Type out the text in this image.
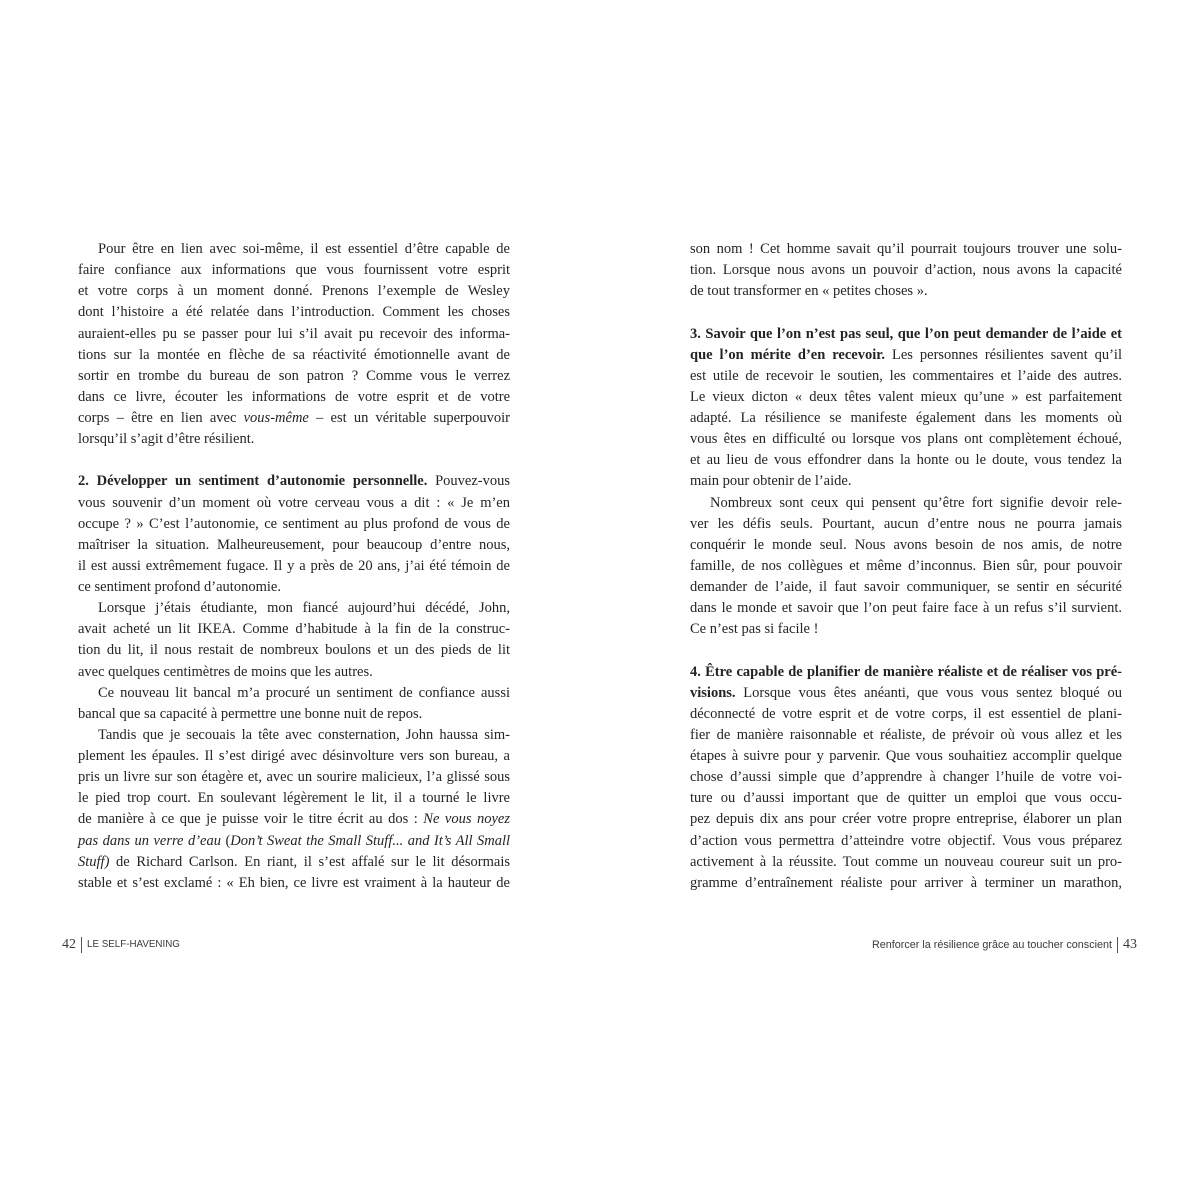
Pour être en lien avec soi-même, il est essentiel d’être capable de
faire confiance aux informations que vous fournissent votre esprit
et votre corps à un moment donné. Prenons l’exemple de Wesley
dont l’histoire a été relatée dans l’introduction. Comment les choses
auraient-elles pu se passer pour lui s’il avait pu recevoir des informa-
tions sur la montée en flèche de sa réactivité émotionnelle avant de
sortir en trombe du bureau de son patron ? Comme vous le verrez
dans ce livre, écouter les informations de votre esprit et de votre
corps – être en lien avec vous-même – est un véritable superpouvoir
lorsqu’il s’agit d’être résilient.
2. Développer un sentiment d’autonomie personnelle. Pouvez-vous
vous souvenir d’un moment où votre cerveau vous a dit : « Je m’en
occupe ? » C’est l’autonomie, ce sentiment au plus profond de vous de
maîtriser la situation. Malheureusement, pour beaucoup d’entre nous,
il est aussi extrêmement fugace. Il y a près de 20 ans, j’ai été témoin de
ce sentiment profond d’autonomie.
Lorsque j’étais étudiante, mon fiancé aujourd’hui décédé, John,
avait acheté un lit IKEA. Comme d’habitude à la fin de la construc-
tion du lit, il nous restait de nombreux boulons et un des pieds de lit
avec quelques centimètres de moins que les autres.
Ce nouveau lit bancal m’a procuré un sentiment de confiance aussi
bancal que sa capacité à permettre une bonne nuit de repos.
Tandis que je secouais la tête avec consternation, John haussa sim-
plement les épaules. Il s’est dirigé avec désinvolture vers son bureau, a
pris un livre sur son étagère et, avec un sourire malicieux, l’a glissé sous
le pied trop court. En soulevant légèrement le lit, il a tourné le livre
de manière à ce que je puisse voir le titre écrit au dos : Ne vous noyez
pas dans un verre d’eau (Don’t Sweat the Small Stuff... and It’s All Small
Stuff) de Richard Carlson. En riant, il s’est affalé sur le lit désormais
stable et s’est exclamé : « Eh bien, ce livre est vraiment à la hauteur de
son nom ! Cet homme savait qu’il pourrait toujours trouver une solu-
tion. Lorsque nous avons un pouvoir d’action, nous avons la capacité
de tout transformer en « petites choses ».
3. Savoir que l’on n’est pas seul, que l’on peut demander de l’aide et
que l’on mérite d’en recevoir. Les personnes résilientes savent qu’il
est utile de recevoir le soutien, les commentaires et l’aide des autres.
Le vieux dicton « deux têtes valent mieux qu’une » est parfaitement
adapté. La résilience se manifeste également dans les moments où
vous êtes en difficulté ou lorsque vos plans ont complètement échoué,
et au lieu de vous effondrer dans la honte ou le doute, vous tendez la
main pour obtenir de l’aide.
Nombreux sont ceux qui pensent qu’être fort signifie devoir rele-
ver les défis seuls. Pourtant, aucun d’entre nous ne pourra jamais
conquérir le monde seul. Nous avons besoin de nos amis, de notre
famille, de nos collègues et même d’inconnus. Bien sûr, pour pouvoir
demander de l’aide, il faut savoir communiquer, se sentir en sécurité
dans le monde et savoir que l’on peut faire face à un refus s’il survient.
Ce n’est pas si facile !
4. Être capable de planifier de manière réaliste et de réaliser vos pré-
visions. Lorsque vous êtes anéanti, que vous vous sentez bloqué ou
déconnecté de votre esprit et de votre corps, il est essentiel de plani-
fier de manière raisonnable et réaliste, de prévoir où vous allez et les
étapes à suivre pour y parvenir. Que vous souhaitiez accomplir quelque
chose d’aussi simple que d’apprendre à changer l’huile de votre voi-
ture ou d’aussi important que de quitter un emploi que vous occu-
pez depuis dix ans pour créer votre propre entreprise, élaborer un plan
d’action vous permettra d’atteindre votre objectif. Vous vous préparez
activement à la réussite. Tout comme un nouveau coureur suit un pro-
gramme d’entraînement réaliste pour arriver à terminer un marathon,
42 LE SELF-HAVENING	Renforcer la résilience grâce au toucher conscient 43
